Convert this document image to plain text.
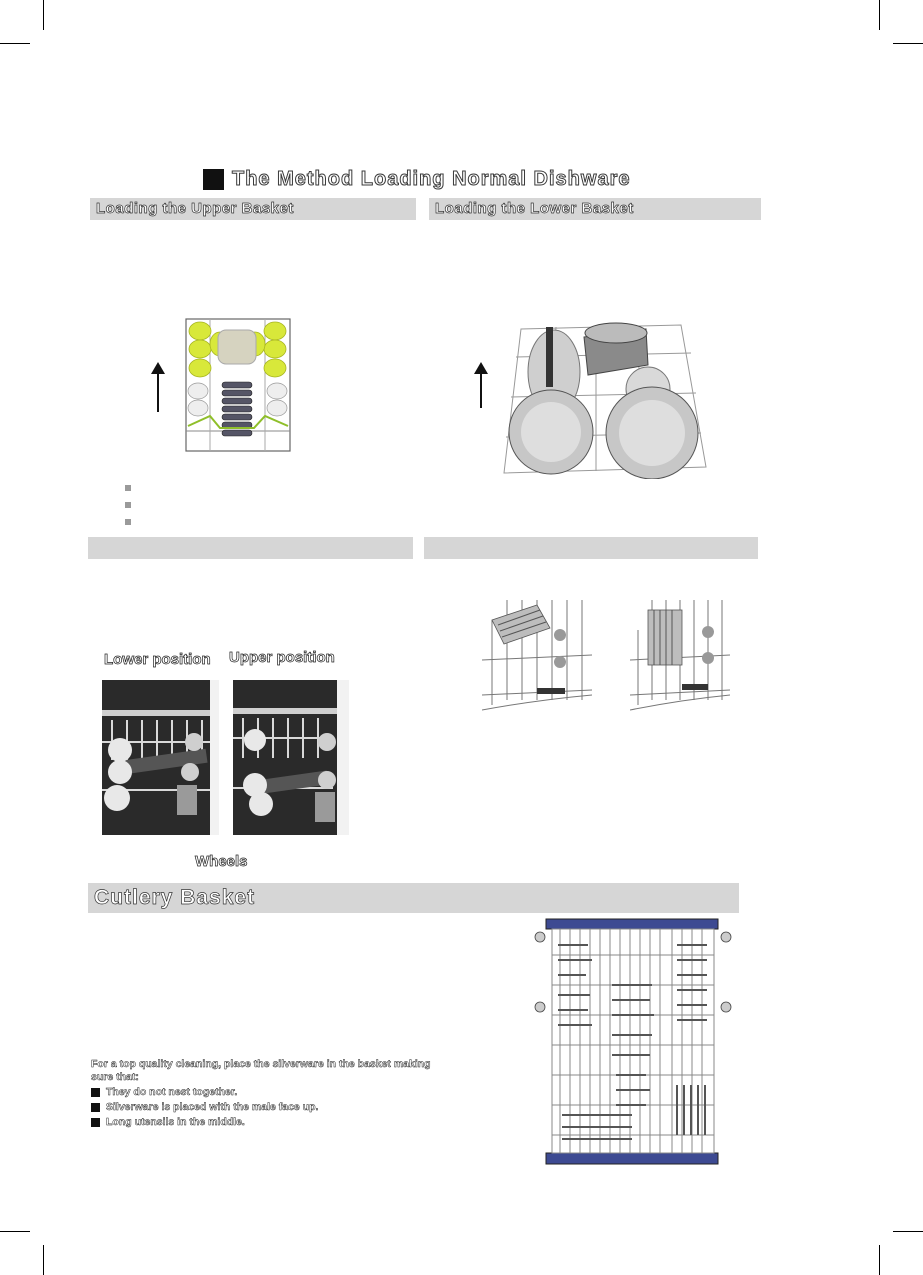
The Method Loading Normal Dishware
Loading the Upper Basket	Loading the Lower Basket
Cutlery Basket
Lower position Upper position
Wheels
For a top quality cleaning, place the silverware in the basket making sure that:
They do not nest together.
Silverware is placed with the male face up.
Long utensils in the middle.
